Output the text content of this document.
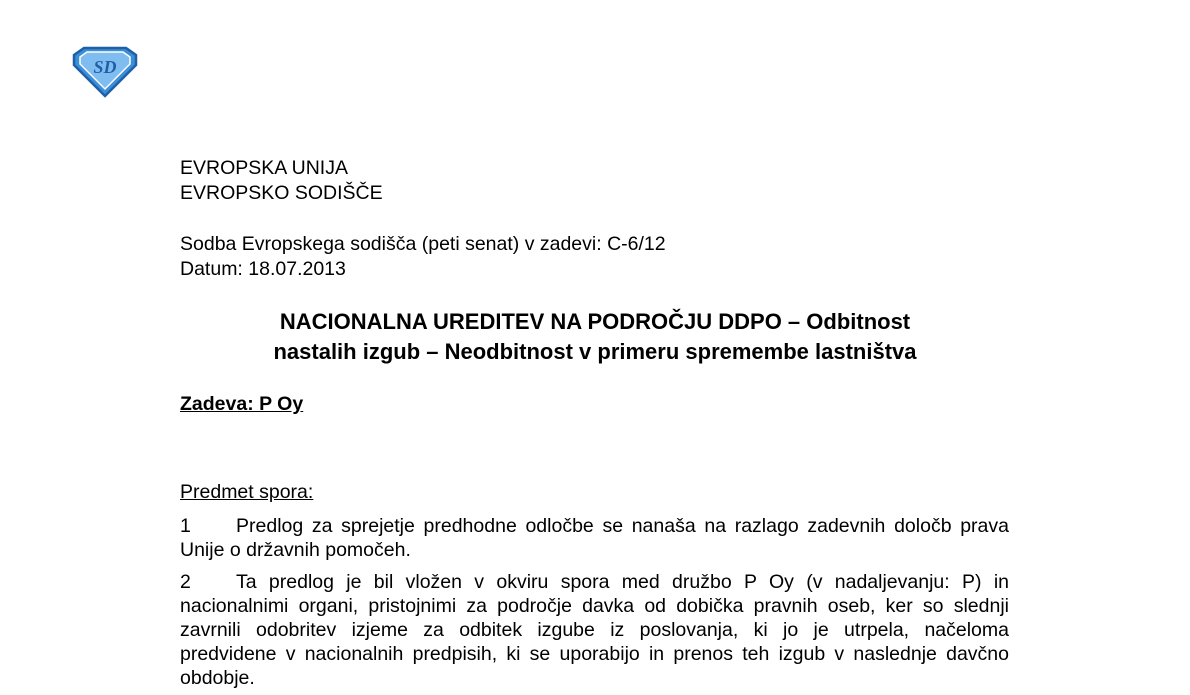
SD
EVROPSKA UNIJA
EVROPSKO SODIŠČE
Sodba Evropskega sodišča (peti senat) v zadevi: C-6/12
Datum: 18.07.2013
NACIONALNA UREDITEV NA PODROČJU DDPO – Odbitnost
nastalih izgub – Neodbitnost v primeru spremembe lastništva
Zadeva: P Oy
Predmet spora:
1 Predlog za sprejetje predhodne odločbe se nanaša na razlago zadevnih določb prava
Unije o državnih pomočeh.
2 Ta predlog je bil vložen v okviru spora med družbo P Oy (v nadaljevanju: P) in
nacionalnimi organi, pristojnimi za področje davka od dobička pravnih oseb, ker so slednji
zavrnili odobritev izjeme za odbitek izgube iz poslovanja, ki jo je utrpela, načeloma
predvidene v nacionalnih predpisih, ki se uporabijo in prenos teh izgub v naslednje davčno
obdobje.
